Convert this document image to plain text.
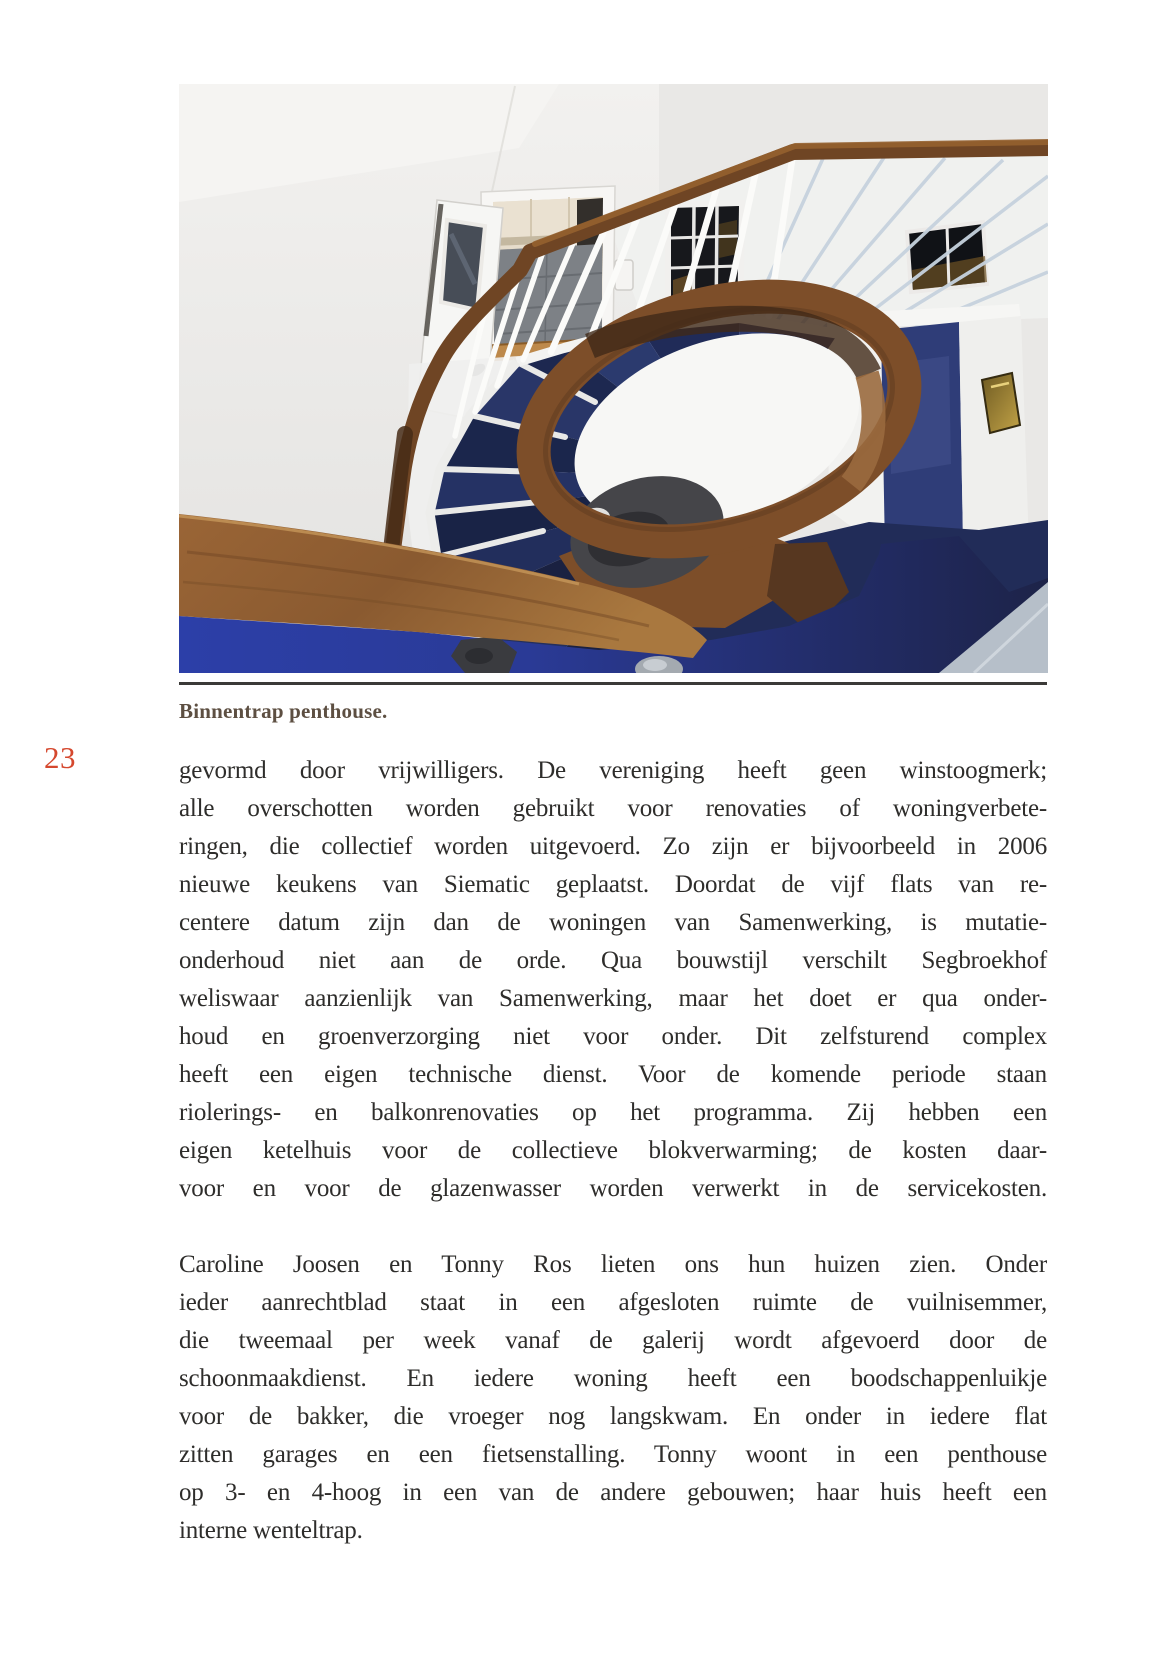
Binnentrap penthouse.
23	gevormd door vrijwilligers. De vereniging heeft geen winstoogmerk;
alle overschotten worden gebruikt voor renovaties of woningverbete-
ringen, die collectief worden uitgevoerd. Zo zijn er bijvoorbeeld in 2006
nieuwe keukens van Siematic geplaatst. Doordat de vijf flats van re-
centere datum zijn dan de woningen van Samenwerking, is mutatie-
onderhoud niet aan de orde. Qua bouwstijl verschilt Segbroekhof
weliswaar aanzienlijk van Samenwerking, maar het doet er qua onder-
houd en groenverzorging niet voor onder. Dit zelfsturend complex
heeft een eigen technische dienst. Voor de komende periode staan
riolerings- en balkonrenovaties op het programma. Zij hebben een
eigen ketelhuis voor de collectieve blokverwarming; de kosten daar-
voor en voor de glazenwasser worden verwerkt in de servicekosten.
Caroline Joosen en Tonny Ros lieten ons hun huizen zien. Onder
ieder aanrechtblad staat in een afgesloten ruimte de vuilnisemmer,
die tweemaal per week vanaf de galerij wordt afgevoerd door de
schoonmaakdienst. En iedere woning heeft een boodschappenluikje
voor de bakker, die vroeger nog langskwam. En onder in iedere flat
zitten garages en een fietsenstalling. Tonny woont in een penthouse
op 3- en 4-hoog in een van de andere gebouwen; haar huis heeft een
interne wenteltrap.
